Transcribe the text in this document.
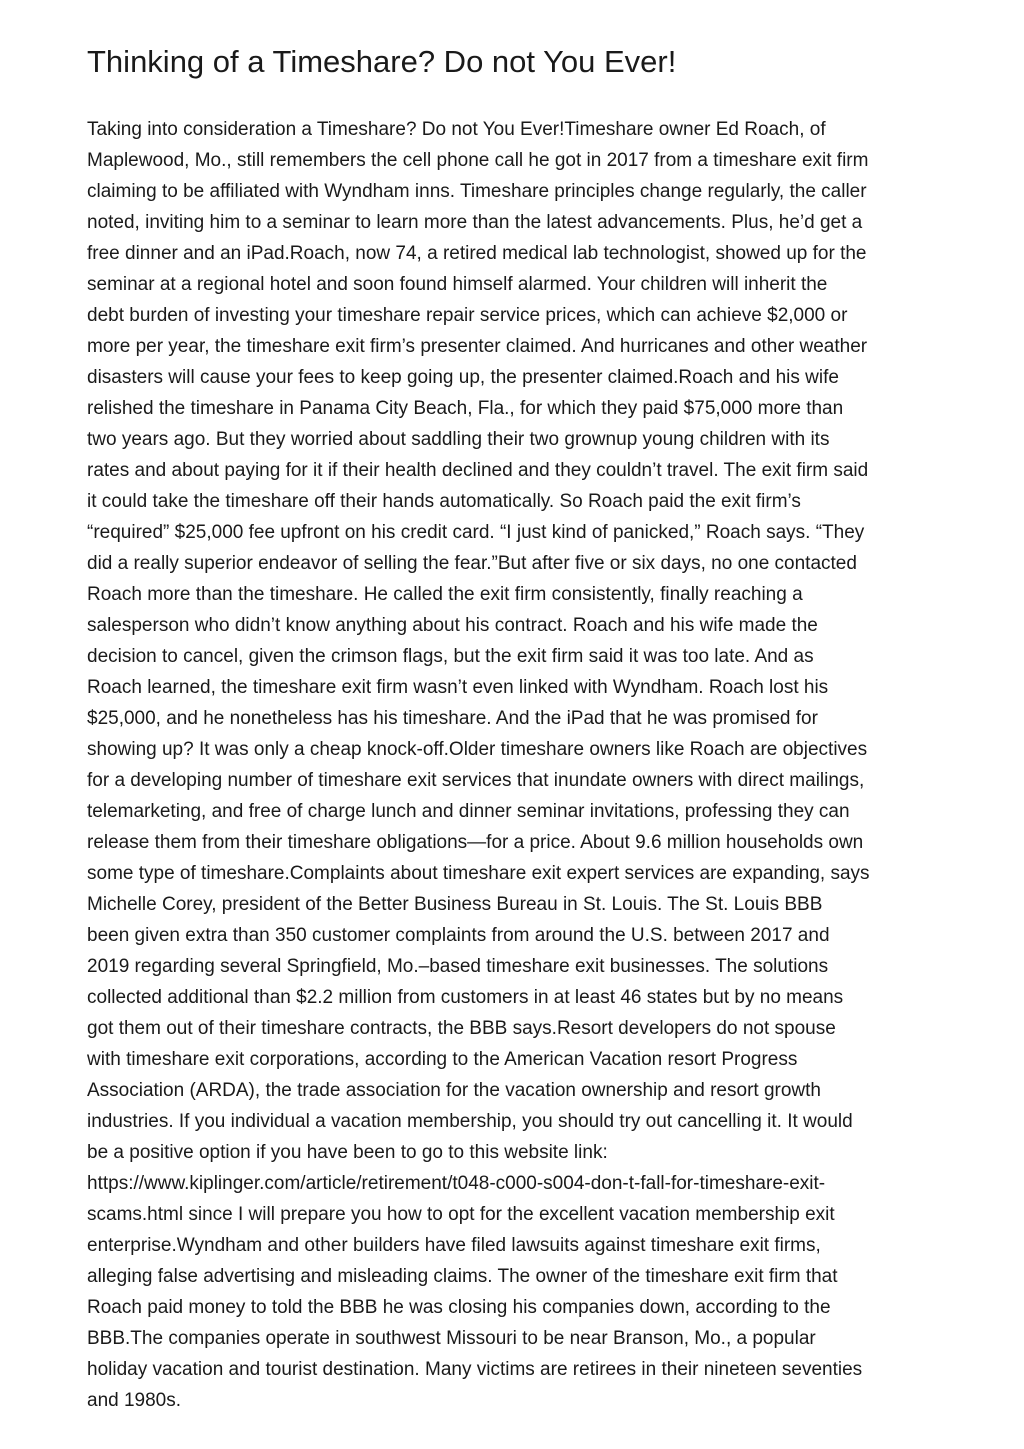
Thinking of a Timeshare? Do not You Ever!
Taking into consideration a Timeshare? Do not You Ever!Timeshare owner Ed Roach, of
Maplewood, Mo., still remembers the cell phone call he got in 2017 from a timeshare exit firm
claiming to be affiliated with Wyndham inns. Timeshare principles change regularly, the caller
noted, inviting him to a seminar to learn more than the latest advancements. Plus, he’d get a
free dinner and an iPad.Roach, now 74, a retired medical lab technologist, showed up for the
seminar at a regional hotel and soon found himself alarmed. Your children will inherit the
debt burden of investing your timeshare repair service prices, which can achieve $2,000 or
more per year, the timeshare exit firm’s presenter claimed. And hurricanes and other weather
disasters will cause your fees to keep going up, the presenter claimed.Roach and his wife
relished the timeshare in Panama City Beach, Fla., for which they paid $75,000 more than
two years ago. But they worried about saddling their two grownup young children with its
rates and about paying for it if their health declined and they couldn’t travel. The exit firm said
it could take the timeshare off their hands automatically. So Roach paid the exit firm’s
“required” $25,000 fee upfront on his credit card. “I just kind of panicked,” Roach says. “They
did a really superior endeavor of selling the fear.”But after five or six days, no one contacted
Roach more than the timeshare. He called the exit firm consistently, finally reaching a
salesperson who didn’t know anything about his contract. Roach and his wife made the
decision to cancel, given the crimson flags, but the exit firm said it was too late. And as
Roach learned, the timeshare exit firm wasn’t even linked with Wyndham. Roach lost his
$25,000, and he nonetheless has his timeshare. And the iPad that he was promised for
showing up? It was only a cheap knock-off.Older timeshare owners like Roach are objectives
for a developing number of timeshare exit services that inundate owners with direct mailings,
telemarketing, and free of charge lunch and dinner seminar invitations, professing they can
release them from their timeshare obligations—for a price. About 9.6 million households own
some type of timeshare.Complaints about timeshare exit expert services are expanding, says
Michelle Corey, president of the Better Business Bureau in St. Louis. The St. Louis BBB
been given extra than 350 customer complaints from around the U.S. between 2017 and
2019 regarding several Springfield, Mo.–based timeshare exit businesses. The solutions
collected additional than $2.2 million from customers in at least 46 states but by no means
got them out of their timeshare contracts, the BBB says.Resort developers do not spouse
with timeshare exit corporations, according to the American Vacation resort Progress
Association (ARDA), the trade association for the vacation ownership and resort growth
industries. If you individual a vacation membership, you should try out cancelling it. It would
be a positive option if you have been to go to this website link:
https://www.kiplinger.com/article/retirement/t048-c000-s004-don-t-fall-for-timeshare-exit-
scams.html since I will prepare you how to opt for the excellent vacation membership exit
enterprise.Wyndham and other builders have filed lawsuits against timeshare exit firms,
alleging false advertising and misleading claims. The owner of the timeshare exit firm that
Roach paid money to told the BBB he was closing his companies down, according to the
BBB.The companies operate in southwest Missouri to be near Branson, Mo., a popular
holiday vacation and tourist destination. Many victims are retirees in their nineteen seventies
and 1980s.
